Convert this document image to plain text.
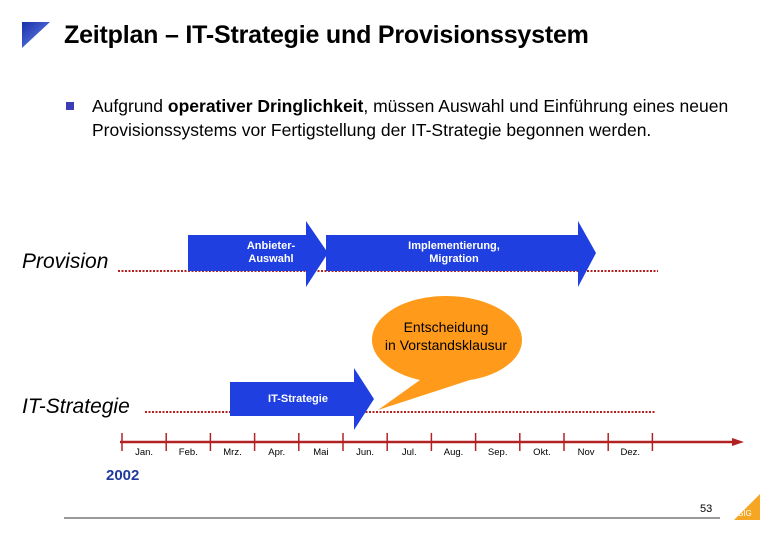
Zeitplan – IT-Strategie und Provisionssystem
Aufgrund operativer Dringlichkeit, müssen Auswahl und Einführung eines neuen Provisionssystems vor Fertigstellung der IT-Strategie begonnen werden.
Provision
IT-Strategie
Anbieter-
Auswahl
Implementierung,
Migration
IT-Strategie
Entscheidung
in Vorstandsklausur
Jan.	Feb.	Mrz.	Apr.	Mai	Jun.	Jul.	Aug.	Sep.	Okt.	Nov	Dez.
2002
53	SIG
